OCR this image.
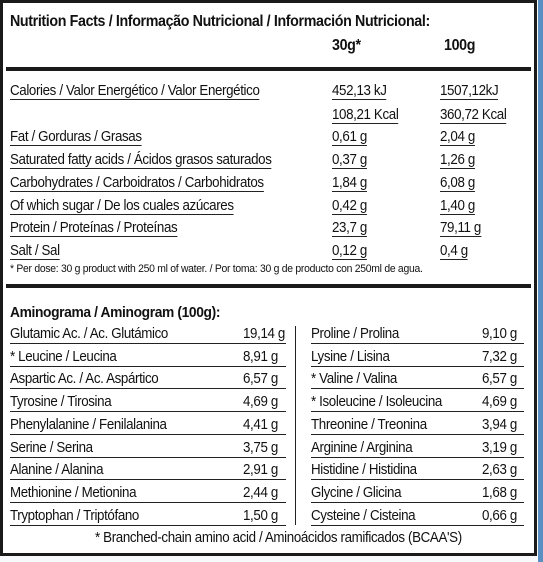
Nutrition Facts / Informação Nutricional / Información Nutricional:
30g*	100g
* Per dose: 30 g product with 250 ml of water. / Por toma: 30 g de producto con 250ml de agua.
Aminograma / Aminogram (100g):
* Branched-chain amino acid / Aminoácidos ramificados (BCAA'S)
Calories / Valor Energético / Valor Energético	452,13 kJ	1507,12kJ
108,21 Kcal	360,72 Kcal
Fat / Gorduras / Grasas	0,61 g	2,04 g
Saturated fatty acids / Ácidos grasos saturados	0,37 g	1,26 g
Carbohydrates / Carboidratos / Carbohidratos	1,84 g	6,08 g
Of which sugar / De los cuales azúcares	0,42 g	1,40 g
Protein / Proteínas / Proteínas	23,7 g	79,11 g
Salt / Sal	0,12 g	0,4 g
Glutamic Ac. / Ac. Glutámico	19,14 g
* Leucine / Leucina	8,91 g
Aspartic Ac. / Ac. Aspártico	6,57 g
Tyrosine / Tirosina	4,69 g
Phenylalanine / Fenilalanina	4,41 g
Serine / Serina	3,75 g
Alanine / Alanina	2,91 g
Methionine / Metionina	2,44 g
Tryptophan / Triptófano	1,50 g
Proline / Prolina	9,10 g
Lysine / Lisina	7,32 g
* Valine / Valina	6,57 g
* Isoleucine / Isoleucina	4,69 g
Threonine / Treonina	3,94 g
Arginine / Arginina	3,19 g
Histidine / Histidina	2,63 g
Glycine / Glicina	1,68 g
Cysteine / Cisteina	0,66 g
